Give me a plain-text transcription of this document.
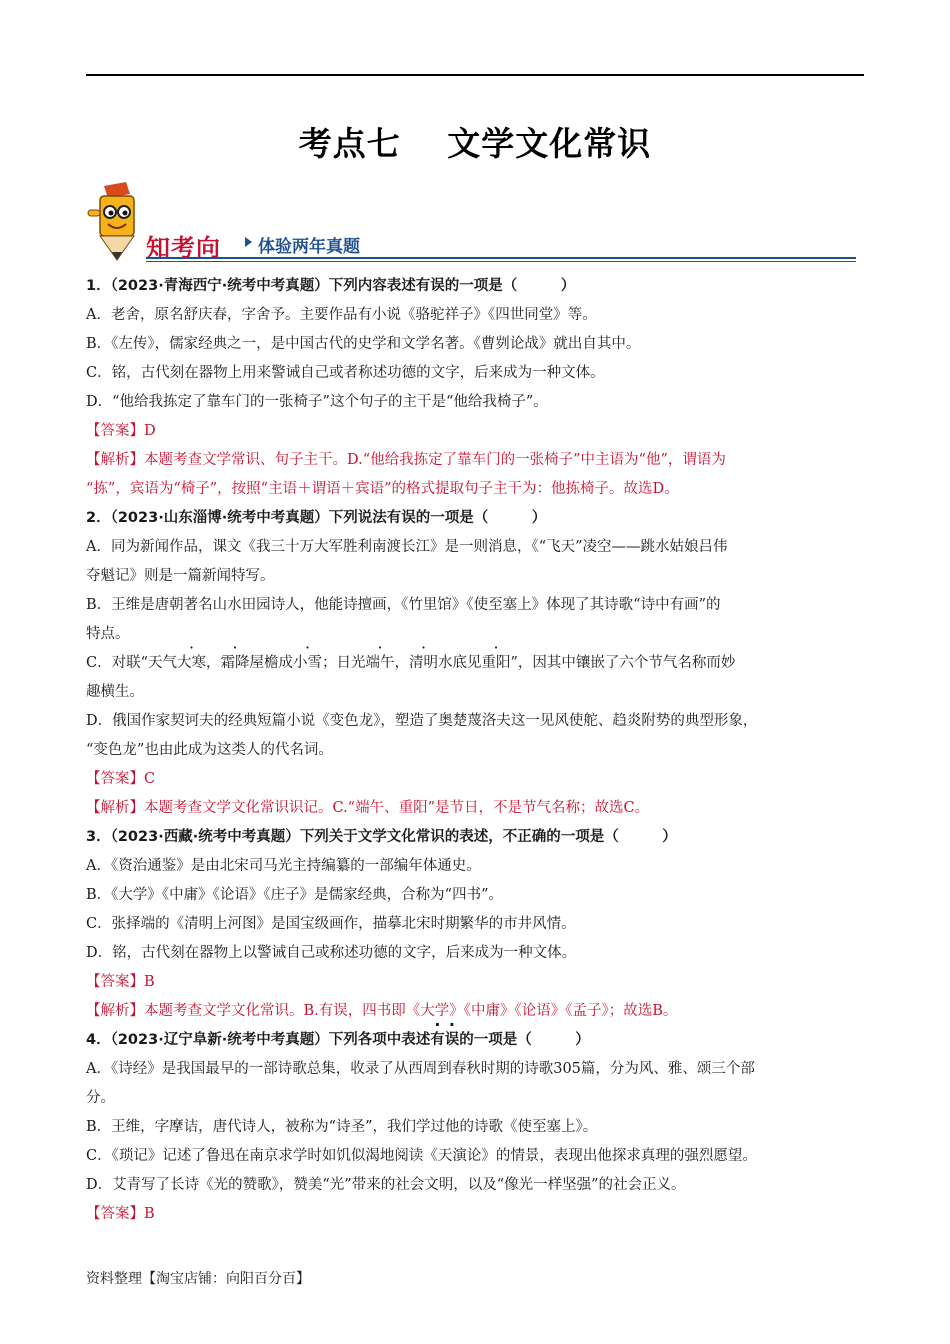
考点七　 文学文化常识
知考向 体验两年真题
1．（2023·青海西宁·统考中考真题）下列内容表述有误的一项是（　　　）
A．老舍，原名舒庆春，字舍予。主要作品有小说《骆驼祥子》《四世同堂》等。
B．《左传》，儒家经典之一，是中国古代的史学和文学名著。《曹刿论战》就出自其中。
C．铭，古代刻在器物上用来警诫自己或者称述功德的文字，后来成为一种文体。
D．“他给我拣定了靠车门的一张椅子”这个句子的主干是“他给我椅子”。
【答案】D
【解析】本题考查文学常识、句子主干。D.“他给我拣定了靠车门的一张椅子”中主语为“他”，谓语为
“拣”，宾语为“椅子”，按照“主语＋谓语＋宾语”的格式提取句子主干为：他拣椅子。故选D。
2．（2023·山东淄博·统考中考真题）下列说法有误的一项是（　　　）
A．同为新闻作品，课文《我三十万大军胜利南渡长江》是一则消息，《“飞天”凌空——跳水姑娘吕伟
夺魁记》则是一篇新闻特写。
B．王维是唐朝著名山水田园诗人，他能诗擅画，《竹里馆》《使至塞上》体现了其诗歌“诗中有画”的
特点。
C．对联“天气大寒，霜降屋檐成小雪；日光端午，清明水底见重阳”，因其中镶嵌了六个节气名称而妙
趣横生。
D．俄国作家契诃夫的经典短篇小说《变色龙》，塑造了奥楚蔑洛夫这一见风使舵、趋炎附势的典型形象，
“变色龙”也由此成为这类人的代名词。
【答案】C
【解析】本题考查文学文化常识识记。C.“端午、重阳”是节日，不是节气名称；故选C。
3．（2023·西藏·统考中考真题）下列关于文学文化常识的表述，不正确的一项是（　　　）
A．《资治通鉴》是由北宋司马光主持编纂的一部编年体通史。
B．《大学》《中庸》《论语》《庄子》是儒家经典，合称为“四书”。
C．张择端的《清明上河图》是国宝级画作，描摹北宋时期繁华的市井风情。
D．铭，古代刻在器物上以警诫自己或称述功德的文字，后来成为一种文体。
【答案】B
【解析】本题考查文学文化常识。B.有误，四书即《大学》《中庸》《论语》《孟子》；故选B。
4．（2023·辽宁阜新·统考中考真题）下列各项中表述有误的一项是（　　　）
A．《诗经》是我国最早的一部诗歌总集，收录了从西周到春秋时期的诗歌305篇，分为风、雅、颂三个部
分。
B．王维，字摩诘，唐代诗人，被称为“诗圣”，我们学过他的诗歌《使至塞上》。
C．《琐记》记述了鲁迅在南京求学时如饥似渴地阅读《天演论》的情景，表现出他探求真理的强烈愿望。
D．艾青写了长诗《光的赞歌》，赞美“光”带来的社会文明，以及“像光一样坚强”的社会正义。
【答案】B
资料整理【淘宝店铺：向阳百分百】
